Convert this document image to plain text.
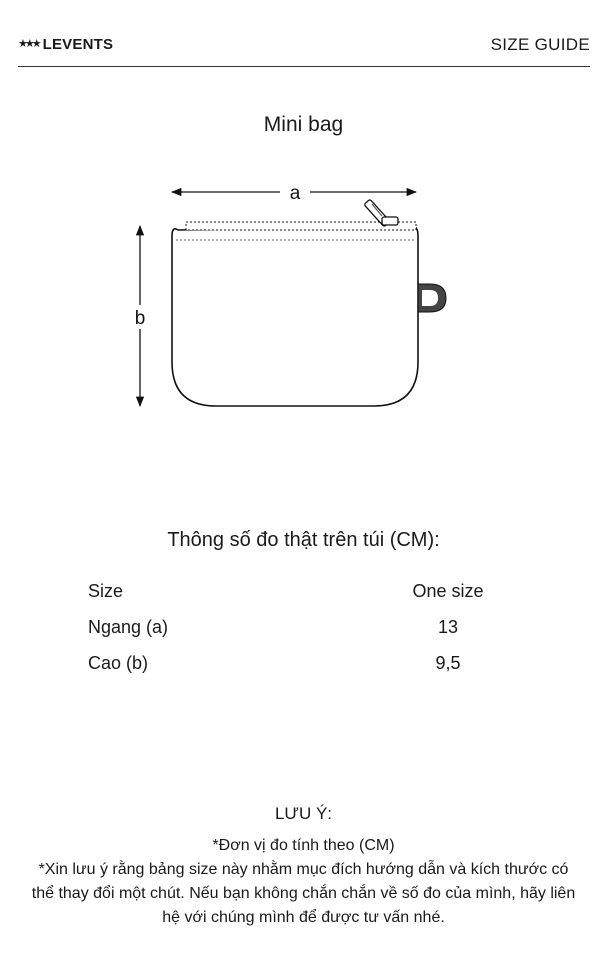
★★★ LEVENTS	SIZE GUIDE
Mini bag
a
b
Thông số đo thật trên túi (CM):
Size	One size
Ngang (a)	13
Cao (b)	9,5
LƯU Ý:
*Đơn vị đo tính theo (CM)
*Xin lưu ý rằng bảng size này nhằm mục đích hướng dẫn và kích thước có thể thay đổi một chút. Nếu bạn không chắn chắn về số đo của mình, hãy liên hệ với chúng mình để được tư vấn nhé.
